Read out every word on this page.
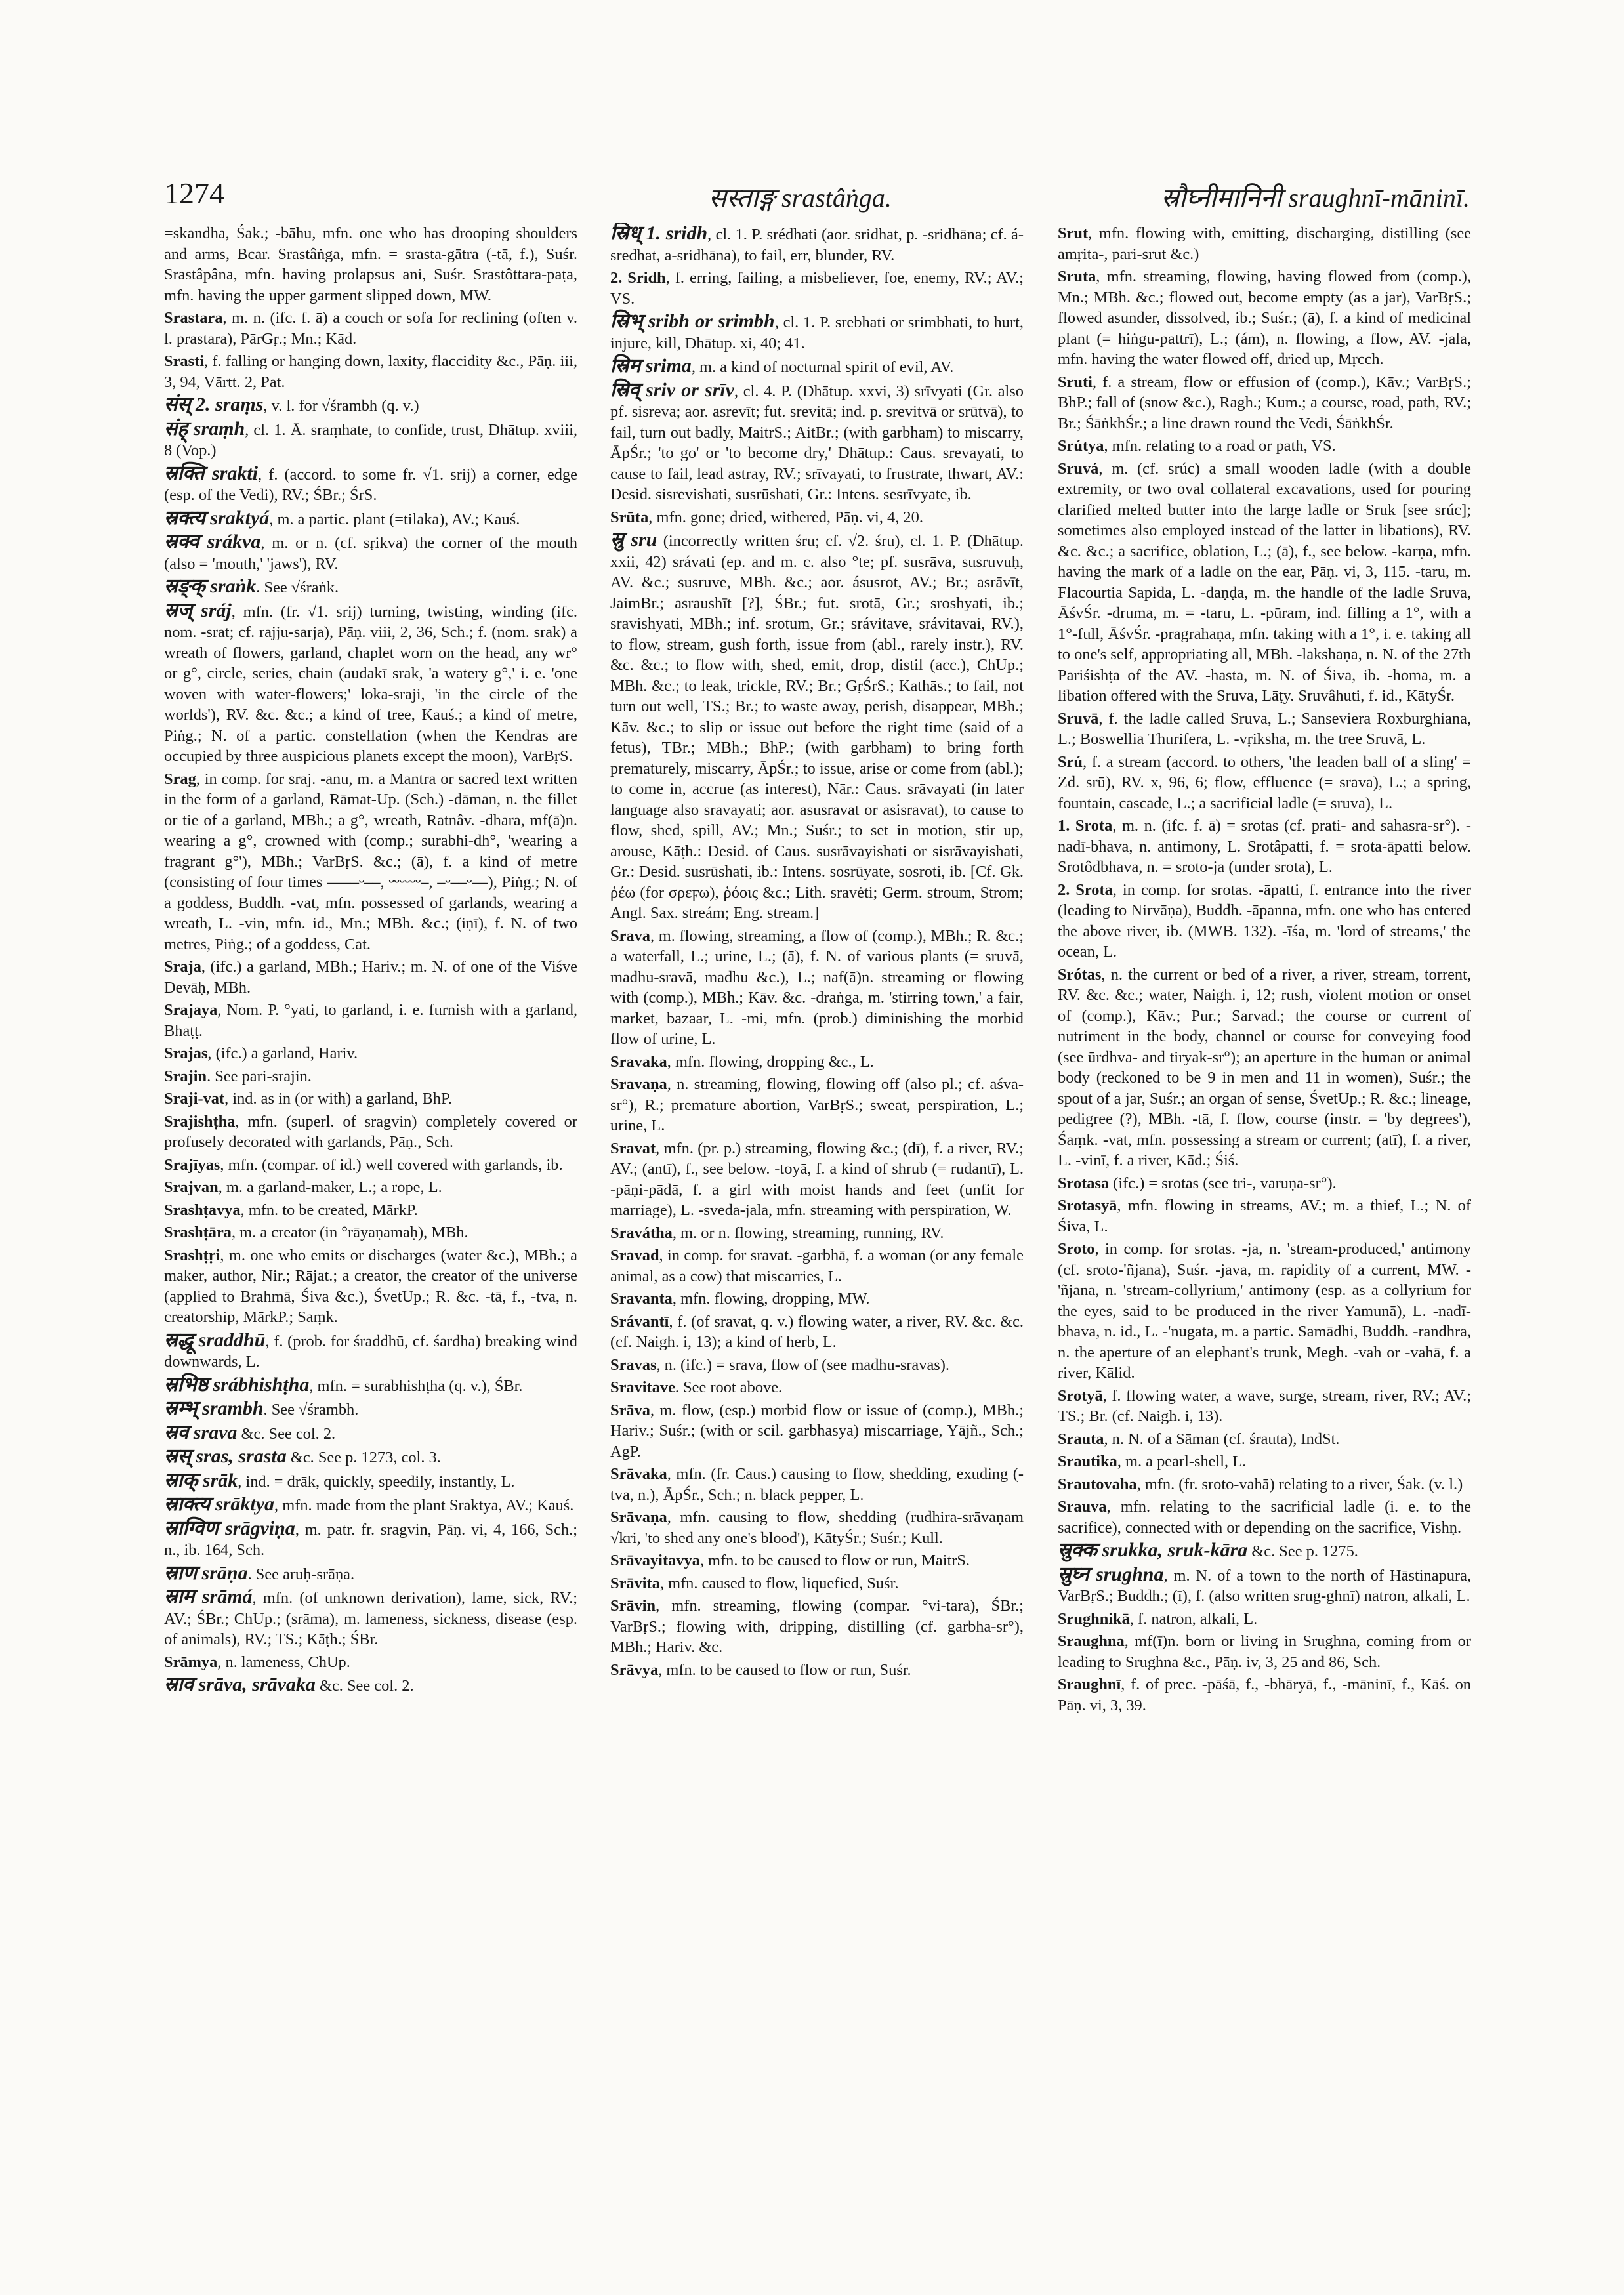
1274	सस्ताङ्ग srastâṅga.	स्रौघ्नीमानिनी sraughnī-māninī.

=skandha, Śak.; -bāhu, mfn. one who has drooping shoulders and arms, Bcar. Srastâṅga, mfn. = srasta-gātra (-tā, f.), Suśr. Srastâpâna, mfn. having prolapsus ani, Suśr. Srastôttara-paṭa, mfn. having the upper garment slipped down, MW.

Srastara, m. n. (ifc. f. ā) a couch or sofa for reclining (often v. l. prastara), PārGṛ.; Mn.; Kād.

Srasti, f. falling or hanging down, laxity, flaccidity &c., Pāṇ. iii, 3, 94, Vārtt. 2, Pat.

संस् 2. sraṃs, v. l. for √śrambh (q. v.)

संह् sraṃh, cl. 1. Ā. sraṃhate, to confide, trust, Dhātup. xviii, 8 (Vop.)

स्रक्ति srakti, f. (accord. to some fr. √1. srij) a corner, edge (esp. of the Vedi), RV.; ŚBr.; ŚrS.

स्रक्त्य sraktyá, m. a partic. plant (=tilaka), AV.; Kauś.

स्रक्व srákva, m. or n. (cf. sṛikva) the corner of the mouth (also = 'mouth,' 'jaws'), RV.

स्रङ्क् sraṅk. See √śraṅk.

स्रज् sráj, mfn. (fr. √1. srij) turning, twisting, winding (ifc. nom. -srat; cf. rajju-sarja), Pāṇ. viii, 2, 36, Sch.; f. (nom. srak) a wreath of flowers, garland, chaplet worn on the head, any wr° or g°, circle, series, chain (audakī srak, 'a watery g°,' i. e. 'one woven with water-flowers;' loka-sraji, 'in the circle of the worlds'), RV. &c. &c.; a kind of tree, Kauś.; a kind of metre, Piṅg.; N. of a partic. constellation (when the Kendras are occupied by three auspicious planets except the moon), VarBṛS.

Srag, in comp. for sraj. -anu, m. a Mantra or sacred text written in the form of a garland, Rāmat-Up. (Sch.) -dāman, n. the fillet or tie of a garland, MBh.; a g°, wreath, Ratnâv. -dhara, mf(ā)n. wearing a g°, crowned with (comp.; surabhi-dh°, 'wearing a fragrant g°'), MBh.; VarBṛS. &c.; (ā), f. a kind of metre (consisting of four times ––––⏑––, ⏑⏑⏑⏑⏑⏑–, –⏑––⏑––), Piṅg.; N. of a goddess, Buddh. -vat, mfn. possessed of garlands, wearing a wreath, L. -vin, mfn. id., Mn.; MBh. &c.; (iṇī), f. N. of two metres, Piṅg.; of a goddess, Cat.

Sraja, (ifc.) a garland, MBh.; Hariv.; m. N. of one of the Viśve Devāḥ, MBh.

Srajaya, Nom. P. °yati, to garland, i. e. furnish with a garland, Bhaṭṭ.

Srajas, (ifc.) a garland, Hariv.

Srajin. See pari-srajin.

Sraji-vat, ind. as in (or with) a garland, BhP.

Srajishṭha, mfn. (superl. of sragvin) completely covered or profusely decorated with garlands, Pāṇ., Sch.

Srajīyas, mfn. (compar. of id.) well covered with garlands, ib.

Srajvan, m. a garland-maker, L.; a rope, L.

Srashṭavya, mfn. to be created, MārkP.

Srashṭāra, m. a creator (in °rāyaṇamaḥ), MBh.

Srashṭṛi, m. one who emits or discharges (water &c.), MBh.; a maker, author, Nir.; Rājat.; a creator, the creator of the universe (applied to Brahmā, Śiva &c.), ŚvetUp.; R. &c. -tā, f., -tva, n. creatorship, MārkP.; Saṃk.

स्रद्धू sraddhū, f. (prob. for śraddhū, cf. śardha) breaking wind downwards, L.

स्रभिष्ठ srábhishṭha, mfn. = surabhishṭha (q. v.), ŚBr.

स्रम्भ् srambh. See √śrambh.

स्रव srava &c. See col. 2.

स्रस् sras, srasta &c. See p. 1273, col. 3.

स्राक् srāk, ind. = drāk, quickly, speedily, instantly, L.

स्राक्त्य srāktya, mfn. made from the plant Sraktya, AV.; Kauś.

स्राग्विण srāgviṇa, m. patr. fr. sragvin, Pāṇ. vi, 4, 166, Sch.; n., ib. 164, Sch.

स्राण srāṇa. See aruḥ-srāṇa.

स्राम srāmá, mfn. (of unknown derivation), lame, sick, RV.; AV.; ŚBr.; ChUp.; (srāma), m. lameness, sickness, disease (esp. of animals), RV.; TS.; Kāṭh.; ŚBr.

Srāmya, n. lameness, ChUp.

स्राव srāva, srāvaka &c. See col. 2.

स्रिध् 1. sridh, cl. 1. P. srédhati (aor. sridhat, p. -sridhāna; cf. á-sredhat, a-sridhāna), to fail, err, blunder, RV.

2. Sridh, f. erring, failing, a misbeliever, foe, enemy, RV.; AV.; VS.

स्रिभ् sribh or srimbh, cl. 1. P. srebhati or srimbhati, to hurt, injure, kill, Dhātup. xi, 40; 41.

स्रिम srima, m. a kind of nocturnal spirit of evil, AV.

स्रिव् sriv or srīv, cl. 4. P. (Dhātup. xxvi, 3) srīvyati (Gr. also pf. sisreva; aor. asrevīt; fut. srevitā; ind. p. srevitvā or srūtvā), to fail, turn out badly, MaitrS.; AitBr.; (with garbham) to miscarry, ĀpŚr.; 'to go' or 'to become dry,' Dhātup.: Caus. srevayati, to cause to fail, lead astray, RV.; srīvayati, to frustrate, thwart, AV.: Desid. sisrevishati, susrūshati, Gr.: Intens. sesrīvyate, ib.

Srūta, mfn. gone; dried, withered, Pāṇ. vi, 4, 20.

स्रु sru (incorrectly written śru; cf. √2. śru), cl. 1. P. (Dhātup. xxii, 42) srávati (ep. and m. c. also °te; pf. susrāva, susruvuḥ, AV. &c.; susruve, MBh. &c.; aor. ásusrot, AV.; Br.; asrāvīt, JaimBr.; asraushīt [?], ŚBr.; fut. srotā, Gr.; sroshyati, ib.; sravishyati, MBh.; inf. srotum, Gr.; srávitave, srávitavai, RV.), to flow, stream, gush forth, issue from (abl., rarely instr.), RV. &c. &c.; to flow with, shed, emit, drop, distil (acc.), ChUp.; MBh. &c.; to leak, trickle, RV.; Br.; GṛŚrS.; Kathās.; to fail, not turn out well, TS.; Br.; to waste away, perish, disappear, MBh.; Kāv. &c.; to slip or issue out before the right time (said of a fetus), TBr.; MBh.; BhP.; (with garbham) to bring forth prematurely, miscarry, ĀpŚr.; to issue, arise or come from (abl.); to come in, accrue (as interest), Nār.: Caus. srāvayati (in later language also sravayati; aor. asusravat or asisravat), to cause to flow, shed, spill, AV.; Mn.; Suśr.; to set in motion, stir up, arouse, Kāṭh.: Desid. of Caus. susrāvayishati or sisrāvayishati, Gr.: Desid. susrūshati, ib.: Intens. sosrūyate, sosroti, ib. [Cf. Gk. ῥέω (for σρεϝω), ῥόοις &c.; Lith. sravėti; Germ. stroum, Strom; Angl. Sax. streám; Eng. stream.]

Srava, m. flowing, streaming, a flow of (comp.), MBh.; R. &c.; a waterfall, L.; urine, L.; (ā), f. N. of various plants (= sruvā, madhu-sravā, madhu &c.), L.; naf(ā)n. streaming or flowing with (comp.), MBh.; Kāv. &c. -draṅga, m. 'stirring town,' a fair, market, bazaar, L. -mi, mfn. (prob.) diminishing the morbid flow of urine, L.

Sravaka, mfn. flowing, dropping &c., L.

Sravaṇa, n. streaming, flowing, flowing off (also pl.; cf. aśva-sr°), R.; premature abortion, VarBṛS.; sweat, perspiration, L.; urine, L.

Sravat, mfn. (pr. p.) streaming, flowing &c.; (dī), f. a river, RV.; AV.; (antī), f., see below. -toyā, f. a kind of shrub (= rudantī), L. -pāṇi-pādā, f. a girl with moist hands and feet (unfit for marriage), L. -sveda-jala, mfn. streaming with perspiration, W.

Sravátha, m. or n. flowing, streaming, running, RV.

Sravad, in comp. for sravat. -garbhā, f. a woman (or any female animal, as a cow) that miscarries, L.

Sravanta, mfn. flowing, dropping, MW.

Srávantī, f. (of sravat, q. v.) flowing water, a river, RV. &c. &c. (cf. Naigh. i, 13); a kind of herb, L.

Sravas, n. (ifc.) = srava, flow of (see madhu-sravas).

Sravitave. See root above.

Srāva, m. flow, (esp.) morbid flow or issue of (comp.), MBh.; Hariv.; Suśr.; (with or scil. garbhasya) miscarriage, Yājñ., Sch.; AgP.

Srāvaka, mfn. (fr. Caus.) causing to flow, shedding, exuding (-tva, n.), ĀpŚr., Sch.; n. black pepper, L.

Srāvaṇa, mfn. causing to flow, shedding (rudhira-srāvaṇam √kri, 'to shed any one's blood'), KātyŚr.; Suśr.; Kull.

Srāvayitavya, mfn. to be caused to flow or run, MaitrS.

Srāvita, mfn. caused to flow, liquefied, Suśr.

Srāvin, mfn. streaming, flowing (compar. °vi-tara), ŚBr.; VarBṛS.; flowing with, dripping, distilling (cf. garbha-sr°), MBh.; Hariv. &c.

Srāvya, mfn. to be caused to flow or run, Suśr.

Srut, mfn. flowing with, emitting, discharging, distilling (see amṛita-, pari-srut &c.)

Sruta, mfn. streaming, flowing, having flowed from (comp.), Mn.; MBh. &c.; flowed out, become empty (as a jar), VarBṛS.; flowed asunder, dissolved, ib.; Suśr.; (ā), f. a kind of medicinal plant (= hiṅgu-pattrī), L.; (ám), n. flowing, a flow, AV. -jala, mfn. having the water flowed off, dried up, Mṛcch.

Sruti, f. a stream, flow or effusion of (comp.), Kāv.; VarBṛS.; BhP.; fall of (snow &c.), Ragh.; Kum.; a course, road, path, RV.; Br.; ŚāṅkhŚr.; a line drawn round the Vedi, ŚāṅkhŚr.

Srútya, mfn. relating to a road or path, VS.

Sruvá, m. (cf. srúc) a small wooden ladle (with a double extremity, or two oval collateral excavations, used for pouring clarified melted butter into the large ladle or Sruk [see srúc]; sometimes also employed instead of the latter in libations), RV. &c. &c.; a sacrifice, oblation, L.; (ā), f., see below. -karṇa, mfn. having the mark of a ladle on the ear, Pāṇ. vi, 3, 115. -taru, m. Flacourtia Sapida, L. -daṇḍa, m. the handle of the ladle Sruva, ĀśvŚr. -druma, m. = -taru, L. -pūram, ind. filling a 1°, with a 1°-full, ĀśvŚr. -pragrahaṇa, mfn. taking with a 1°, i. e. taking all to one's self, appropriating all, MBh. -lakshaṇa, n. N. of the 27th Pariśishṭa of the AV. -hasta, m. N. of Śiva, ib. -homa, m. a libation offered with the Sruva, Lāṭy. Sruvâhuti, f. id., KātyŚr.

Sruvā, f. the ladle called Sruva, L.; Sanseviera Roxburghiana, L.; Boswellia Thurifera, L. -vṛiksha, m. the tree Sruvā, L.

Srú, f. a stream (accord. to others, 'the leaden ball of a sling' = Zd. srū), RV. x, 96, 6; flow, effluence (= srava), L.; a spring, fountain, cascade, L.; a sacrificial ladle (= sruva), L.

1. Srota, m. n. (ifc. f. ā) = srotas (cf. prati- and sahasra-sr°). -nadī-bhava, n. antimony, L. Srotâpatti, f. = srota-āpatti below. Srotôdbhava, n. = sroto-ja (under srota), L.

2. Srota, in comp. for srotas. -āpatti, f. entrance into the river (leading to Nirvāṇa), Buddh. -āpanna, mfn. one who has entered the above river, ib. (MWB. 132). -īśa, m. 'lord of streams,' the ocean, L.

Srótas, n. the current or bed of a river, a river, stream, torrent, RV. &c. &c.; water, Naigh. i, 12; rush, violent motion or onset of (comp.), Kāv.; Pur.; Sarvad.; the course or current of nutriment in the body, channel or course for conveying food (see ūrdhva- and tiryak-sr°); an aperture in the human or animal body (reckoned to be 9 in men and 11 in women), Suśr.; the spout of a jar, Suśr.; an organ of sense, ŚvetUp.; R. &c.; lineage, pedigree (?), MBh. -tā, f. flow, course (instr. = 'by degrees'), Śaṃk. -vat, mfn. possessing a stream or current; (atī), f. a river, L. -vinī, f. a river, Kād.; Śiś.

Srotasa (ifc.) = srotas (see tri-, varuṇa-sr°).

Srotasyā, mfn. flowing in streams, AV.; m. a thief, L.; N. of Śiva, L.

Sroto, in comp. for srotas. -ja, n. 'stream-produced,' antimony (cf. sroto-'ñjana), Suśr. -java, m. rapidity of a current, MW. -'ñjana, n. 'stream-collyrium,' antimony (esp. as a collyrium for the eyes, said to be produced in the river Yamunā), L. -nadī-bhava, n. id., L. -'nugata, m. a partic. Samādhi, Buddh. -randhra, n. the aperture of an elephant's trunk, Megh. -vah or -vahā, f. a river, Kālid.

Srotyā, f. flowing water, a wave, surge, stream, river, RV.; AV.; TS.; Br. (cf. Naigh. i, 13).

Srauta, n. N. of a Sāman (cf. śrauta), IndSt.

Srautika, m. a pearl-shell, L.

Srautovaha, mfn. (fr. sroto-vahā) relating to a river, Śak. (v. l.)

Srauva, mfn. relating to the sacrificial ladle (i. e. to the sacrifice), connected with or depending on the sacrifice, Vishṇ.

स्रुक्क srukka, sruk-kāra &c. See p. 1275.

स्रुघ्न srughna, m. N. of a town to the north of Hāstinapura, VarBṛS.; Buddh.; (ī), f. (also written srug-ghnī) natron, alkali, L.

Srughnikā, f. natron, alkali, L.

Sraughna, mf(ī)n. born or living in Srughna, coming from or leading to Srughna &c., Pāṇ. iv, 3, 25 and 86, Sch.

Sraughnī, f. of prec. -pāśā, f., -bhāryā, f., -māninī, f., Kāś. on Pāṇ. vi, 3, 39.
